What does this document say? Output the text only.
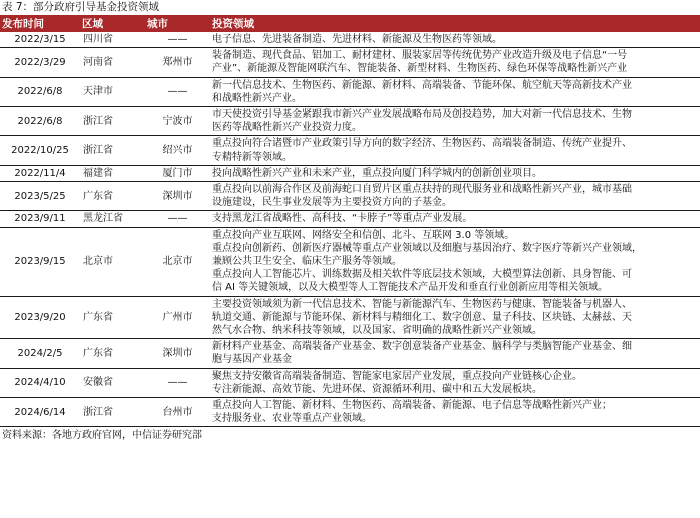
表 7：部分政府引导基金投资领域
发布时间	区域	城市	投资领域
2022/3/15	四川省	——	电子信息、先进装备制造、先进材料、新能源及生物医药等领域。

2022/3/29	河南省	郑州市	装备制造、现代食品、铝加工、耐材建材、服装家居等传统优势产业改造升级及电子信息“一号
产业”、新能源及智能网联汽车、智能装备、新型材料、生物医药、绿色环保等战略性新兴产业

2022/6/8	天津市	——	新一代信息技术、生物医药、新能源、新材料、高端装备、节能环保、航空航天等高新技术产业
和战略性新兴产业。

2022/6/8	浙江省	宁波市	市天使投资引导基金紧跟我市新兴产业发展战略布局及创投趋势，加大对新一代信息技术、生物
医药等战略性新兴产业投资力度。

2022/10/25	浙江省	绍兴市	重点投向符合诸暨市产业政策引导方向的数字经济、生物医药、高端装备制造、传统产业提升、
专精特新等领域。

2022/11/4	福建省	厦门市	投向战略性新兴产业和未来产业，重点投向厦门科学城内的创新创业项目。

2023/5/25	广东省	深圳市	重点投向以前海合作区及前海蛇口自贸片区重点扶持的现代服务业和战略性新兴产业，城市基础
设施建设，民生事业发展等为主要投资方向的子基金。

2023/9/11	黑龙江省	——	支持黑龙江省战略性、高科技、“卡脖子”等重点产业发展。

2023/9/15	北京市	北京市	重点投向产业互联网、网络安全和信创、北斗、互联网 3.0 等领域。
重点投向创新药、创新医疗器械等重点产业领域以及细胞与基因治疗、数字医疗等新兴产业领域，
兼顾公共卫生安全、临床生产服务等领域。
重点投向人工智能芯片、训练数据及相关软件等底层技术领域，大模型算法创新、具身智能、可
信 AI 等关键领域，以及大模型等人工智能技术产品开发和垂直行业创新应用等相关领域。

2023/9/20	广东省	广州市	主要投资领域须为新一代信息技术、智能与新能源汽车、生物医药与健康、智能装备与机器人、
轨道交通、新能源与节能环保、新材料与精细化工、数字创意、量子科技、区块链、太赫兹、天
然气水合物、纳米科技等领域，以及国家、省明确的战略性新兴产业领域。

2024/2/5	广东省	深圳市	新材料产业基金、高端装备产业基金、数字创意装备产业基金、脑科学与类脑智能产业基金、细
胞与基因产业基金

2024/4/10	安徽省	——	聚焦支持安徽省高端装备制造、智能家电家居产业发展，重点投向产业链核心企业。
专注新能源、高效节能、先进环保、资源循环利用、碳中和五大发展板块。

2024/6/14	浙江省	台州市	重点投向人工智能、新材料、生物医药、高端装备、新能源、电子信息等战略性新兴产业；
支持服务业、农业等重点产业领域。
资料来源：各地方政府官网，中信证券研究部
